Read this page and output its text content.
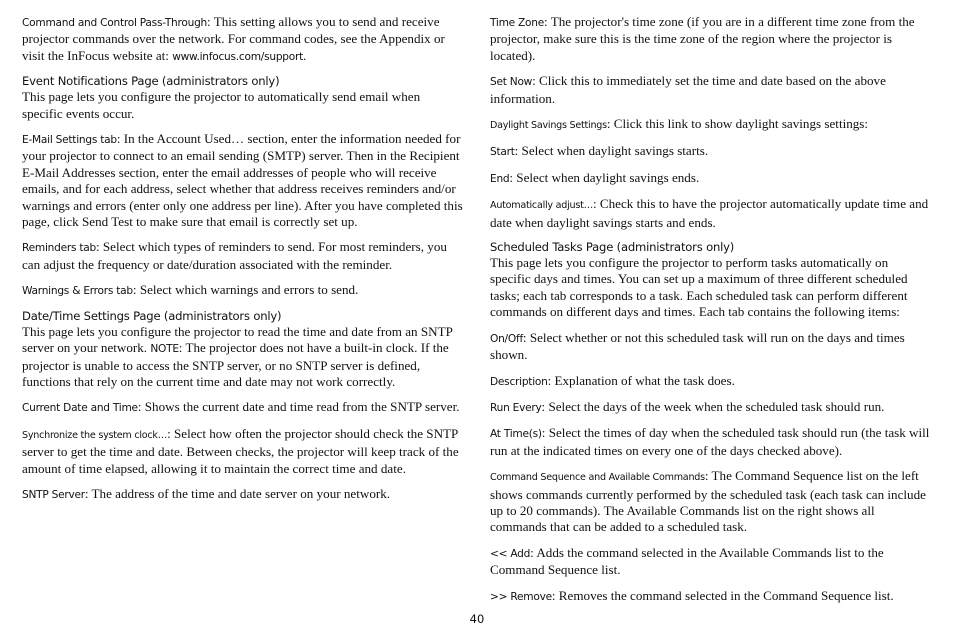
Command and Control Pass-Through: This setting allows you to send and receive projector commands over the network. For command codes, see the Appendix or visit the InFocus website at: www.infocus.com/support.

Event Notifications Page (administrators only)

This page lets you configure the projector to automatically send email when specific events occur.

E-Mail Settings tab: In the Account Used… section, enter the information needed for your projector to connect to an email sending (SMTP) server. Then in the Recipient E-Mail Addresses section, enter the email addresses of people who will receive emails, and for each address, select whether that address receives reminders and/or warnings and errors (enter only one address per line). After you have completed this page, click Send Test to make sure that email is correctly set up.

Reminders tab: Select which types of reminders to send. For most reminders, you can adjust the frequency or date/duration associated with the reminder.

Warnings & Errors tab: Select which warnings and errors to send.

Date/Time Settings Page (administrators only)

This page lets you configure the projector to read the time and date from an SNTP server on your network. NOTE: The projector does not have a built-in clock. If the projector is unable to access the SNTP server, or no SNTP server is defined, functions that rely on the current time and date may not work correctly.

Current Date and Time: Shows the current date and time read from the SNTP server.

Synchronize the system clock…: Select how often the projector should check the SNTP server to get the time and date. Between checks, the projector will keep track of the amount of time elapsed, allowing it to maintain the correct time and date.

SNTP Server: The address of the time and date server on your network.

Time Zone: The projector's time zone (if you are in a different time zone from the projector, make sure this is the time zone of the region where the projector is located).

Set Now: Click this to immediately set the time and date based on the above information.

Daylight Savings Settings: Click this link to show daylight savings settings:

Start: Select when daylight savings starts.

End: Select when daylight savings ends.

Automatically adjust…: Check this to have the projector automatically update time and date when daylight savings starts and ends.

Scheduled Tasks Page (administrators only)

This page lets you configure the projector to perform tasks automatically on specific days and times. You can set up a maximum of three different scheduled tasks; each tab corresponds to a task. Each scheduled task can perform different commands on different days and times. Each tab contains the following items:

On/Off: Select whether or not this scheduled task will run on the days and times shown.

Description: Explanation of what the task does.

Run Every: Select the days of the week when the scheduled task should run.

At Time(s): Select the times of day when the scheduled task should run (the task will run at the indicated times on every one of the days checked above).

Command Sequence and Available Commands: The Command Sequence list on the left shows commands currently performed by the scheduled task (each task can include up to 20 commands). The Available Commands list on the right shows all commands that can be added to a scheduled task.

<< Add: Adds the command selected in the Available Commands list to the Command Sequence list.

>> Remove: Removes the command selected in the Command Sequence list.

40
